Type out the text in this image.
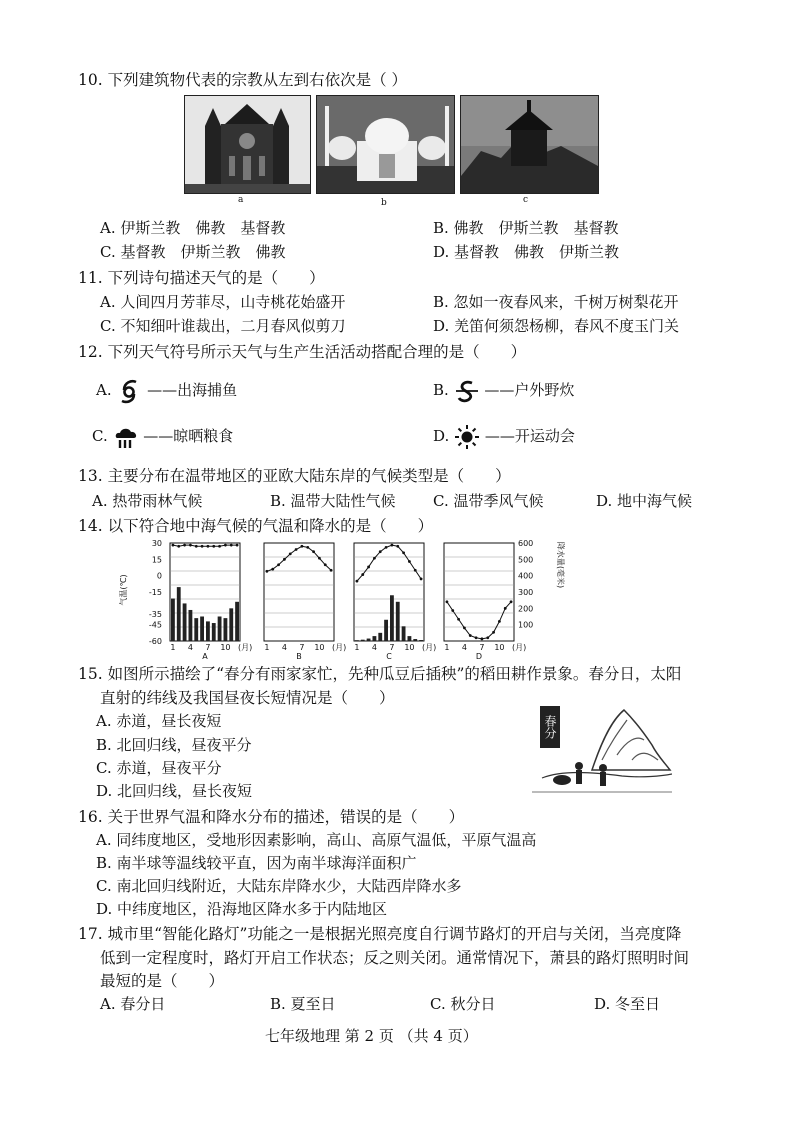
10. 下列建筑物代表的宗教从左到右依次是（ ）
a	b	c
A. 伊斯兰教　佛教　基督教	B. 佛教　伊斯兰教　基督教
C. 基督教　伊斯兰教　佛教	D. 基督教　佛教　伊斯兰教
11. 下列诗句描述天气的是（　　）
A. 人间四月芳菲尽，山寺桃花始盛开	B. 忽如一夜春风来，千树万树梨花开
C. 不知细叶谁裁出，二月春风似剪刀	D. 羌笛何须怨杨柳，春风不度玉门关
12. 下列天气符号所示天气与生产生活活动搭配合理的是（　　）
A. ——出海捕鱼	B. ——户外野炊
C. ——晾晒粮食	D. ——开运动会
13. 主要分布在温带地区的亚欧大陆东岸的气候类型是（　　）
A. 热带雨林气候	B. 温带大陆性气候 C. 温带季风气候	D. 地中海气候
14. 以下符合地中海气候的气温和降水的是（　　）
气温(℃)
30
15
0
-15
-35
-45
-60
600
500
400
300
200
100
降水量(毫米)
1 4 7 10 (月)
A
1 4 7 10 (月)
B
1 4 7 10 (月)
C
1 4 7 10 (月)
D
15. 如图所示描绘了“春分有雨家家忙，先种瓜豆后插秧”的稻田耕作景象。春分日，太阳
直射的纬线及我国昼夜长短情况是（　　）
A. 赤道，昼长夜短
B. 北回归线，昼夜平分
C. 赤道，昼夜平分
D. 北回归线，昼长夜短
春分
16. 关于世界气温和降水分布的描述，错误的是（　　）
A. 同纬度地区，受地形因素影响，高山、高原气温低，平原气温高
B. 南半球等温线较平直，因为南半球海洋面积广
C. 南北回归线附近，大陆东岸降水少，大陆西岸降水多
D. 中纬度地区，沿海地区降水多于内陆地区
17. 城市里“智能化路灯”功能之一是根据光照亮度自行调节路灯的开启与关闭，当亮度降
低到一定程度时，路灯开启工作状态；反之则关闭。通常情况下，萧县的路灯照明时间
最短的是（　　）
A. 春分日	B. 夏至日	C. 秋分日	D. 冬至日
七年级地理 第 2 页 （共 4 页）
